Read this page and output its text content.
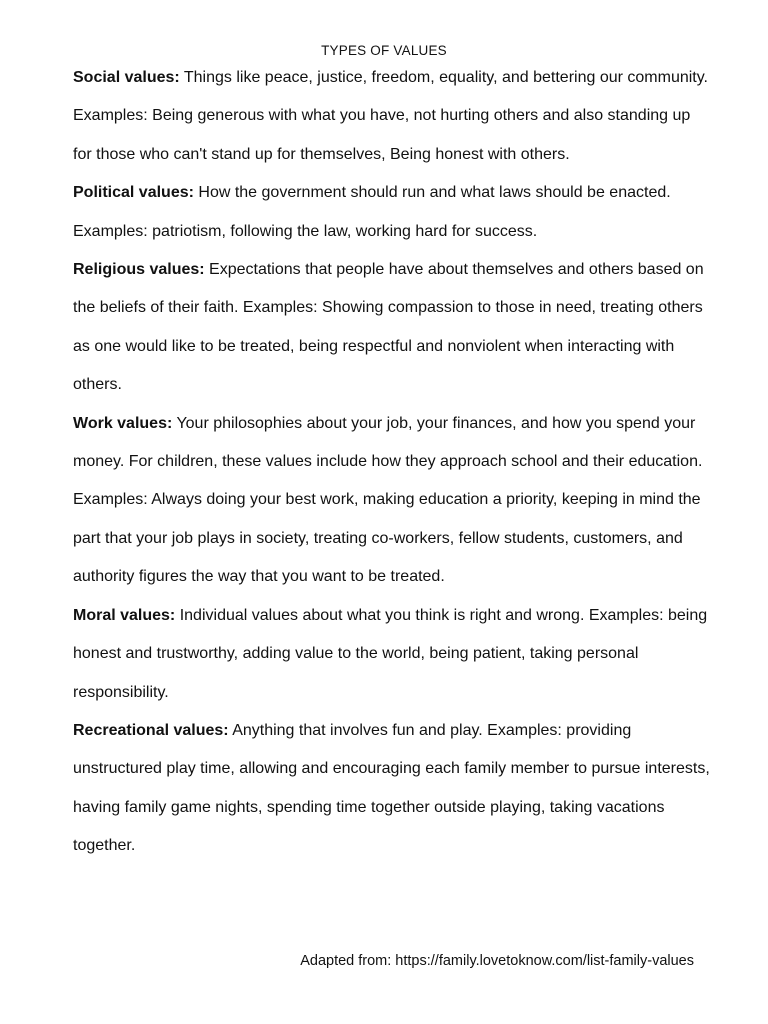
TYPES OF VALUES

Social values: Things like peace, justice, freedom, equality, and bettering our community. Examples: Being generous with what you have, not hurting others and also standing up for those who can't stand up for themselves, Being honest with others.

Political values: How the government should run and what laws should be enacted. Examples: patriotism, following the law, working hard for success.

Religious values: Expectations that people have about themselves and others based on the beliefs of their faith. Examples: Showing compassion to those in need, treating others as one would like to be treated, being respectful and nonviolent when interacting with others.

Work values: Your philosophies about your job, your finances, and how you spend your money. For children, these values include how they approach school and their education. Examples: Always doing your best work, making education a priority, keeping in mind the part that your job plays in society, treating co-workers, fellow students, customers, and authority figures the way that you want to be treated.

Moral values: Individual values about what you think is right and wrong. Examples: being honest and trustworthy, adding value to the world, being patient, taking personal responsibility.

Recreational values: Anything that involves fun and play. Examples: providing unstructured play time, allowing and encouraging each family member to pursue interests, having family game nights, spending time together outside playing, taking vacations together.

Adapted from: https://family.lovetoknow.com/list-family-values
